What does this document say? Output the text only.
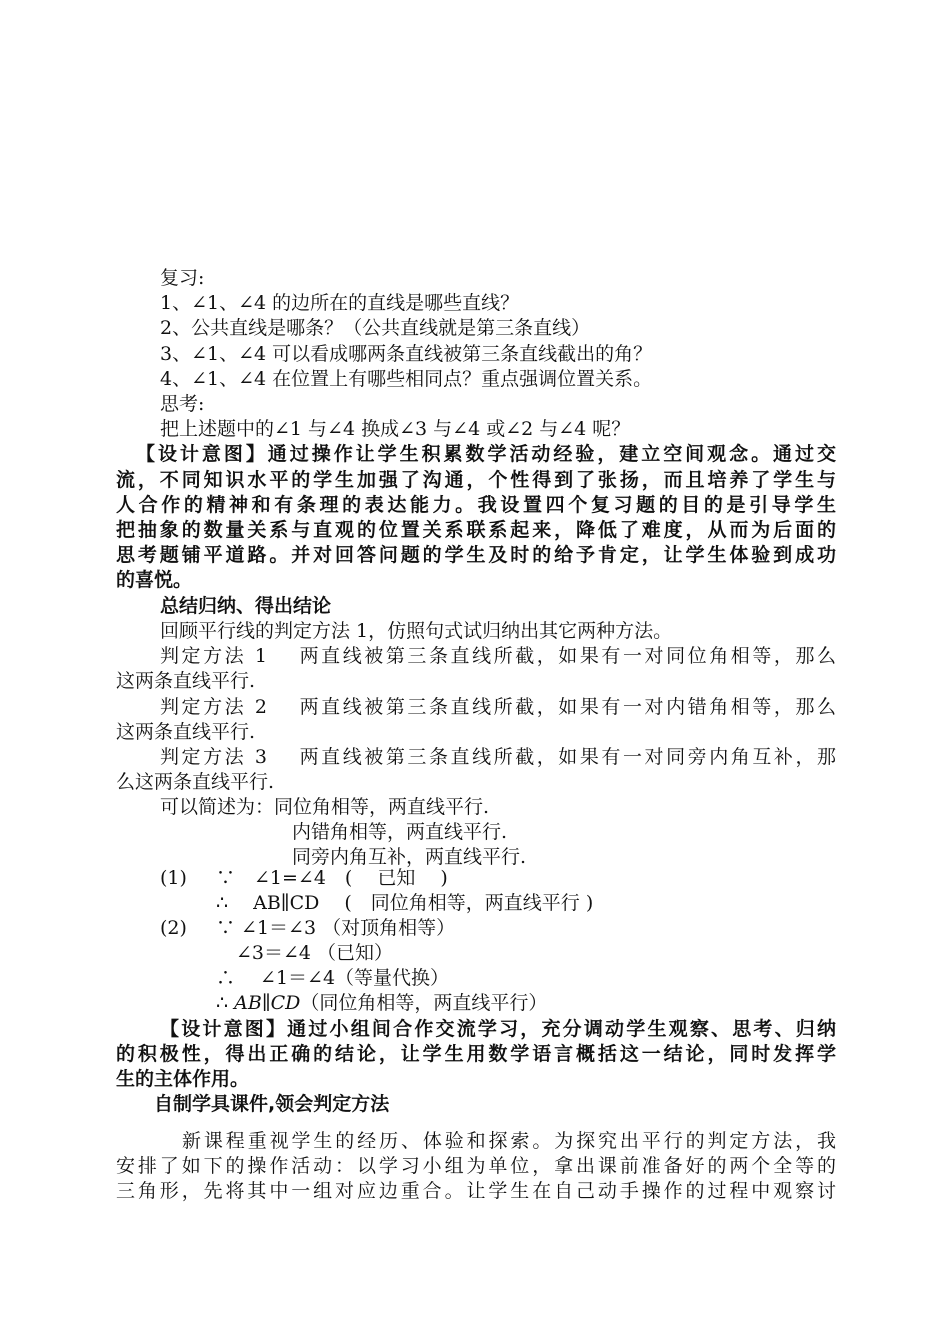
复习:
1、∠1、∠4 的边所在的直线是哪些直线？
2、公共直线是哪条？（公共直线就是第三条直线）
3、∠1、∠4 可以看成哪两条直线被第三条直线截出的角？
4、∠1、∠4 在位置上有哪些相同点？重点强调位置关系。
思考:
把上述题中的∠1 与∠4 换成∠3 与∠4 或∠2 与∠4 呢？
【设计意图】通过操作让学生积累数学活动经验，建立空间观念。通过交
流，不同知识水平的学生加强了沟通，个性得到了张扬，而且培养了学生与
人合作的精神和有条理的表达能力。我设置四个复习题的目的是引导学生
把抽象的数量关系与直观的位置关系联系起来，降低了难度，从而为后面的
思考题铺平道路。并对回答问题的学生及时的给予肯定，让学生体验到成功
的喜悦。
总结归纳、得出结论
回顾平行线的判定方法 1，仿照句式试归纳出其它两种方法。
判定方法 1　 两直线被第三条直线所截，如果有一对同位角相等，那么
这两条直线平行.
判定方法 2　 两直线被第三条直线所截，如果有一对内错角相等，那么
这两条直线平行.
判定方法 3　 两直线被第三条直线所截，如果有一对同旁内角互补，那
么这两条直线平行.
可以简述为：同位角相等，两直线平行.
内错角相等，两直线平行.
同旁内角互补，两直线平行.
(1)	∵　∠1=∠4　(　 已知　 )
∴　 AB∥CD　 (　同位角相等，两直线平行 )
(2)	∵ ∠1＝∠3 （对顶角相等）
∠3＝∠4 （已知）
∴　 ∠1＝∠4（等量代换）
∴ AB∥CD（同位角相等，两直线平行）
【设计意图】通过小组间合作交流学习，充分调动学生观察、思考、归纳
的积极性，得出正确的结论，让学生用数学语言概括这一结论，同时发挥学
生的主体作用。
自制学具课件,领会判定方法
新课程重视学生的经历、体验和探索。为探究出平行的判定方法，我
安排了如下的操作活动：以学习小组为单位，拿出课前准备好的两个全等的
三角形，先将其中一组对应边重合。让学生在自己动手操作的过程中观察讨
